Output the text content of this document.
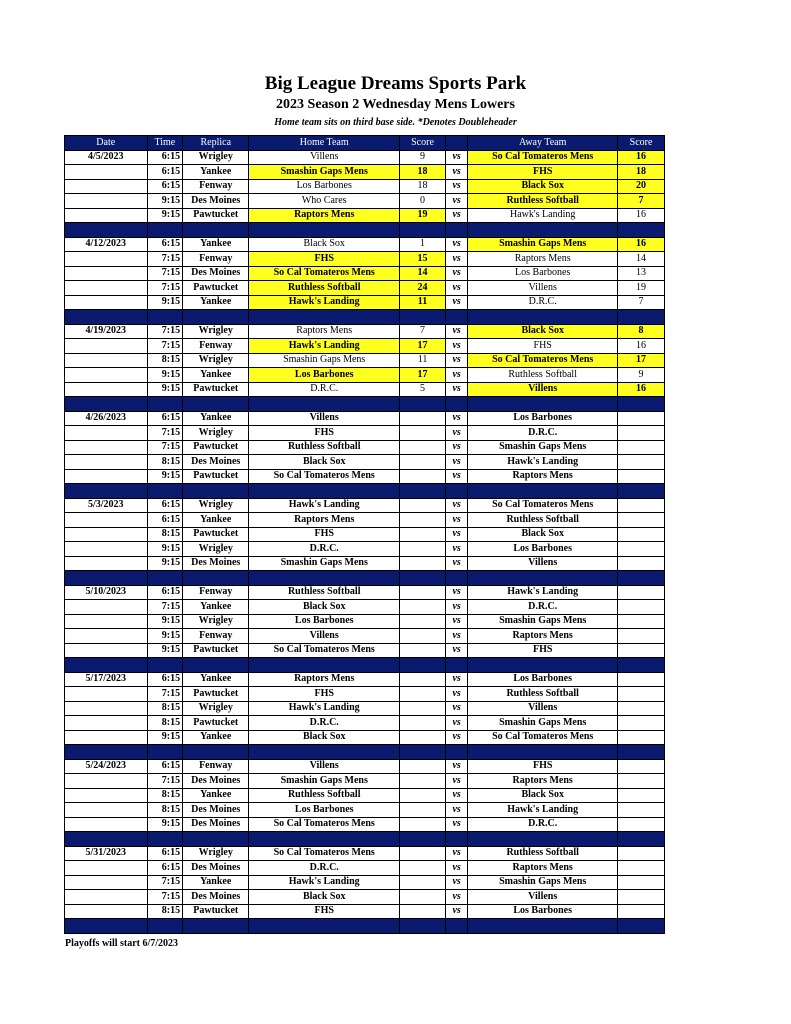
Big League Dreams Sports Park
2023 Season 2 Wednesday Mens Lowers
Home team sits on third base side. *Denotes Doubleheader
Date	Time	Replica	Home Team	Score		Away Team	Score
4/5/2023	6:15	Wrigley	Villens	9	vs	So Cal Tomateros Mens	16
	6:15	Yankee	Smashin Gaps Mens	18	vs	FHS	18
	6:15	Fenway	Los Barbones	18	vs	Black Sox	20
	9:15	Des Moines	Who Cares	0	vs	Ruthless Softball	7
	9:15	Pawtucket	Raptors Mens	19	vs	Hawk's Landing	16

4/12/2023	6:15	Yankee	Black Sox	1	vs	Smashin Gaps Mens	16
	7:15	Fenway	FHS	15	vs	Raptors Mens	14
	7:15	Des Moines	So Cal Tomateros Mens	14	vs	Los Barbones	13
	7:15	Pawtucket	Ruthless Softball	24	vs	Villens	19
	9:15	Yankee	Hawk's Landing	11	vs	D.R.C.	7

4/19/2023	7:15	Wrigley	Raptors Mens	7	vs	Black Sox	8
	7:15	Fenway	Hawk's Landing	17	vs	FHS	16
	8:15	Wrigley	Smashin Gaps Mens	11	vs	So Cal Tomateros Mens	17
	9:15	Yankee	Los Barbones	17	vs	Ruthless Softball	9
	9:15	Pawtucket	D.R.C.	5	vs	Villens	16

4/26/2023	6:15	Yankee	Villens		vs	Los Barbones	
	7:15	Wrigley	FHS		vs	D.R.C.	
	7:15	Pawtucket	Ruthless Softball		vs	Smashin Gaps Mens	
	8:15	Des Moines	Black Sox		vs	Hawk's Landing	
	9:15	Pawtucket	So Cal Tomateros Mens		vs	Raptors Mens	

5/3/2023	6:15	Wrigley	Hawk's Landing		vs	So Cal Tomateros Mens	
	6:15	Yankee	Raptors Mens		vs	Ruthless Softball	
	8:15	Pawtucket	FHS		vs	Black Sox	
	9:15	Wrigley	D.R.C.		vs	Los Barbones	
	9:15	Des Moines	Smashin Gaps Mens		vs	Villens	

5/10/2023	6:15	Fenway	Ruthless Softball		vs	Hawk's Landing	
	7:15	Yankee	Black Sox		vs	D.R.C.	
	9:15	Wrigley	Los Barbones		vs	Smashin Gaps Mens	
	9:15	Fenway	Villens		vs	Raptors Mens	
	9:15	Pawtucket	So Cal Tomateros Mens		vs	FHS	

5/17/2023	6:15	Yankee	Raptors Mens		vs	Los Barbones	
	7:15	Pawtucket	FHS		vs	Ruthless Softball	
	8:15	Wrigley	Hawk's Landing		vs	Villens	
	8:15	Pawtucket	D.R.C.		vs	Smashin Gaps Mens	
	9:15	Yankee	Black Sox		vs	So Cal Tomateros Mens	

5/24/2023	6:15	Fenway	Villens		vs	FHS	
	7:15	Des Moines	Smashin Gaps Mens		vs	Raptors Mens	
	8:15	Yankee	Ruthless Softball		vs	Black Sox	
	8:15	Des Moines	Los Barbones		vs	Hawk's Landing	
	9:15	Des Moines	So Cal Tomateros Mens		vs	D.R.C.	

5/31/2023	6:15	Wrigley	So Cal Tomateros Mens		vs	Ruthless Softball	
	6:15	Des Moines	D.R.C.		vs	Raptors Mens	
	7:15	Yankee	Hawk's Landing		vs	Smashin Gaps Mens	
	7:15	Des Moines	Black Sox		vs	Villens	
	8:15	Pawtucket	FHS		vs	Los Barbones	

Playoffs will start 6/7/2023
